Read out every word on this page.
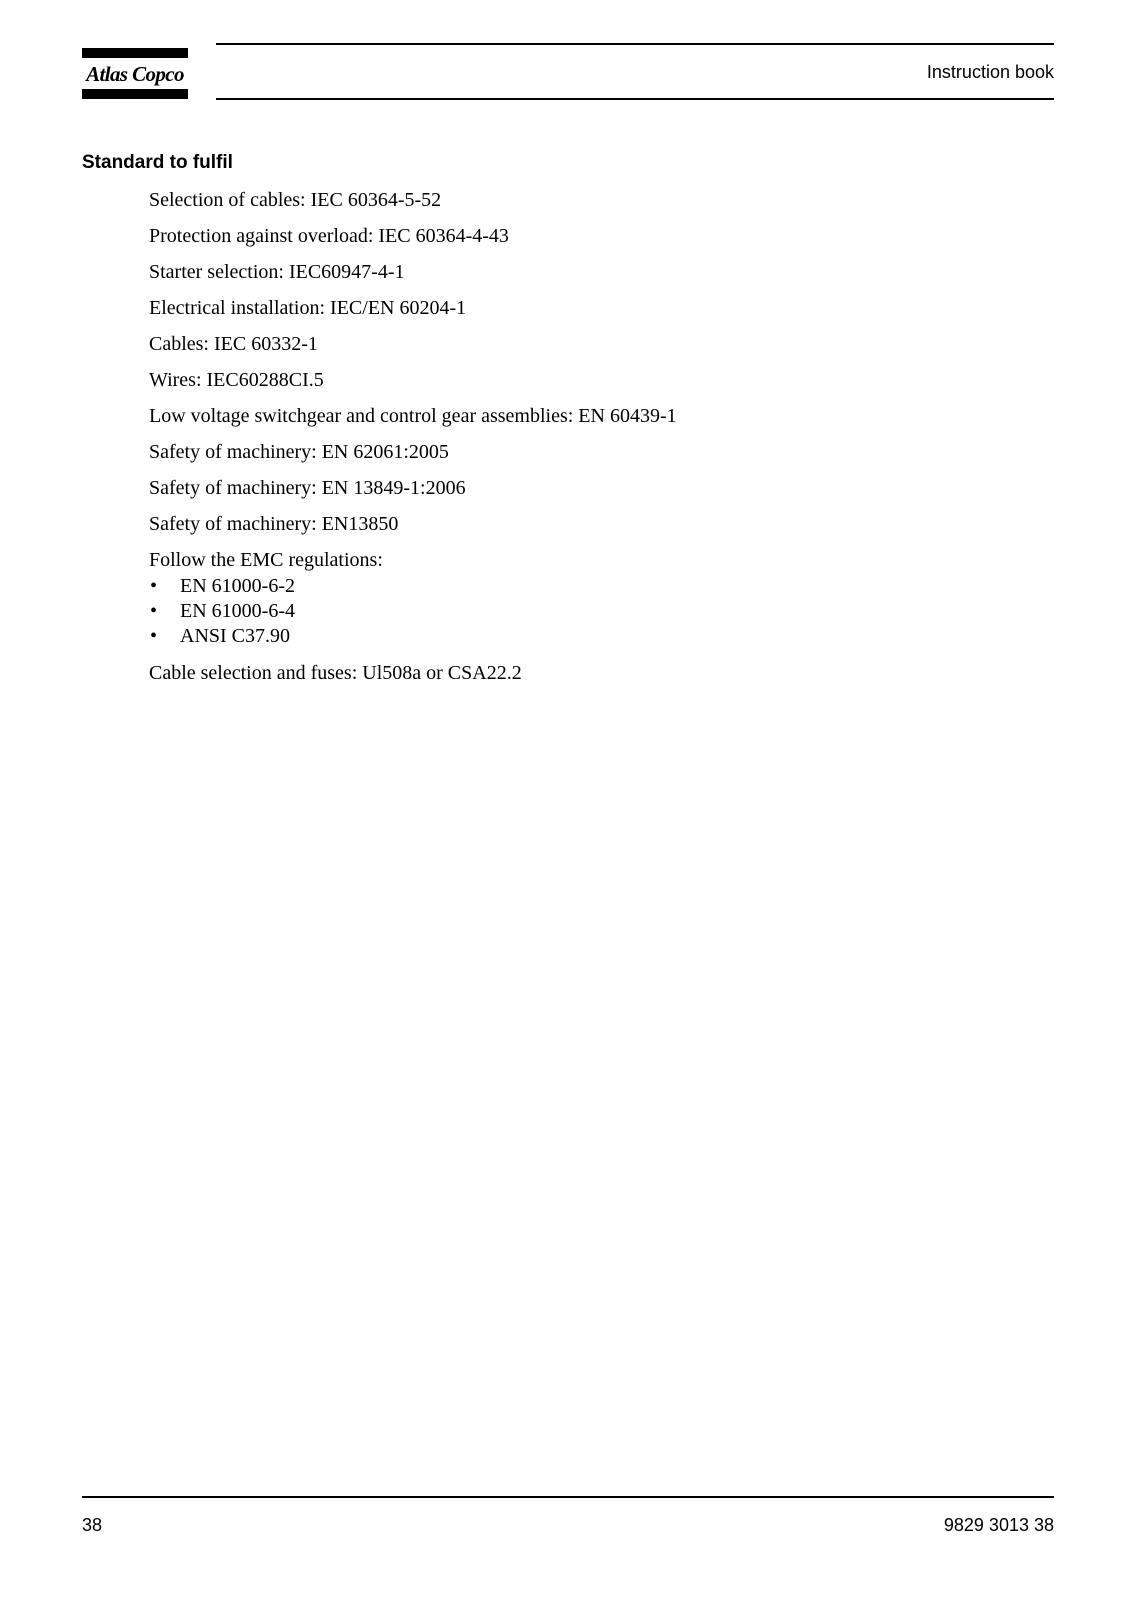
Atlas Copco	Instruction book
Standard to fulfil

Selection of cables: IEC 60364-5-52

Protection against overload: IEC 60364-4-43

Starter selection: IEC60947-4-1

Electrical installation: IEC/EN 60204-1

Cables: IEC 60332-1

Wires: IEC60288CI.5

Low voltage switchgear and control gear assemblies: EN 60439-1

Safety of machinery: EN 62061:2005

Safety of machinery: EN 13849-1:2006

Safety of machinery: EN13850

Follow the EMC regulations:

• EN 61000-6-2
• EN 61000-6-4
• ANSI C37.90

Cable selection and fuses: Ul508a or CSA22.2

38	9829 3013 38
